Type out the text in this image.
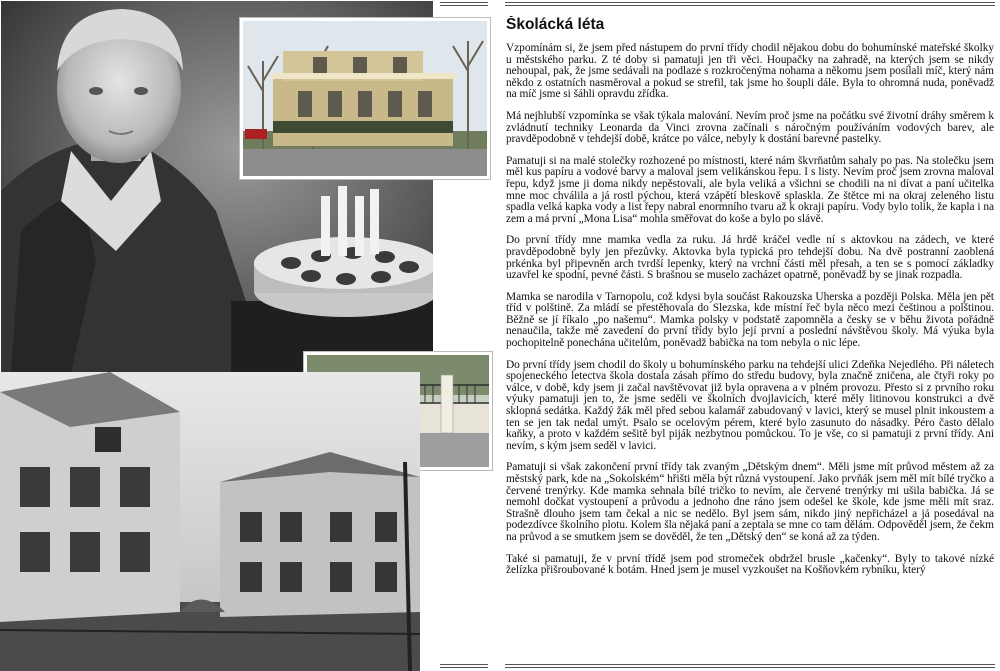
Školácká léta

Vzpomínám si, že jsem před nástupem do první třídy chodil nějakou dobu do bohumínské mateřské školky u městského parku. Z té doby si pamatuji jen tři věci. Houpačky na zahradě, na kterých jsem se nikdy nehoupal, pak, že jsme sedávali na podlaze s rozkročenýma nohama a někomu jsem posílali míč, který nám někdo z ostatních nasměroval a pokud se strefil, tak jsme ho šoupli dále. Byla to ohromná nuda, poněvadž na míč jsme si šáhli opravdu zřídka.

Má nejhlubší vzpomínka se však týkala malování. Nevím proč jsme na počátku své životní dráhy směrem k zvládnutí techniky Leonarda da Vinci zrovna začínali s náročným používáním vodových barev, ale pravděpodobně v tehdejší době, krátce po válce, nebyly k dostání barevné pastelky.

Pamatuji si na malé stolečky rozhozené po místnosti, které nám škvrňatům sahaly po pas. Na stolečku jsem měl kus papíru a vodové barvy a maloval jsem velikánskou řepu. I s listy. Nevím proč jsem zrovna maloval řepu, když jsme ji doma nikdy nepěstovali, ale byla veliká a všichni se chodili na ni dívat a paní učitelka mne moc chválila a já rostl pýchou, která vzápětí bleskově splaskla. Ze štětce mi na okraj zeleného listu spadla velká kapka vody a list řepy nabral enormního tvaru až k okraji papíru. Vody bylo tolik, že kapla i na zem a má první „Mona Lisa“ mohla směřovat do koše a bylo po slávě.

Do první třídy mne mamka vedla za ruku. Já hrdě kráčel vedle ní s aktovkou na zádech, ve které pravděpodobně byly jen přezůvky. Aktovka byla typická pro tehdejší dobu. Na dvě postranní zaoblená prkénka byl připevněn arch tvrdší lepenky, který na vrchní části měl přesah, a ten se s pomocí základky uzavřel ke spodní, pevné části. S brašnou se muselo zacházet opatrně, poněvadž by se jinak rozpadla.

Mamka se narodila v Tarnopolu, což kdysi byla součást Rakouzska Uherska a později Polska. Měla jen pět tříd v polštině. Za mládí se přestěhovala do Slezska, kde místní řeč byla něco mezi češtinou a polštinou. Běžně se jí říkalo „po našemu“. Mamka polsky v podstatě zapomněla a česky se v běhu života pořádně nenaučila, takže mě zavedení do první třídy bylo její první a poslední návštěvou školy. Má výuka byla pochopitelně ponechána učitelům, poněvadž babička na tom nebyla o nic lépe.

Do první třídy jsem chodil do školy u bohumínského parku na tehdejší ulici Zdeňka Nejedlého. Při náletech spojeneckého letectva škola dostala zásah přímo do středu budovy, byla značně zničena, ale čtyři roky po válce, v době, kdy jsem ji začal navštěvovat již byla opravena a v plném provozu. Přesto si z prvního roku výuky pamatuji jen to, že jsme seděli ve školních dvojlavicích, které měly litinovou konstrukci a dvě sklopná sedátka. Každý žák měl před sebou kalamář zabudovaný v lavici, který se musel plnit inkoustem a ten se jen tak nedal umýt. Psalo se ocelovým pérem, které bylo zasunuto do násadky. Péro často dělalo kaňky, a proto v každém sešitě byl piják nezbytnou pomůckou. To je vše, co si pamatuji z první třídy. Ani nevím, s kým jsem seděl v lavici.

Pamatuji si však zakončení první třídy tak zvaným „Dětským dnem“. Měli jsme mít průvod městem až za městský park, kde na „Sokolském“ hřišti měla být různá vystoupení. Jako prvňák jsem měl mít bílé tryčko a červené trenýrky. Kde mamka sehnala bílé tričko to nevím, ale červené trenýrky mi ušila babička. Já se nemohl dočkat vystoupení a průvodu a jednoho dne ráno jsem odešel ke škole, kde jsme měli mít sraz. Strašně dlouho jsem tam čekal a nic se nedělo. Byl jsem sám, nikdo jiný nepřicházel a já posedával na podezdívce školního plotu. Kolem šla nějaká paní a zeptala se mne co tam dělám. Odpověděl jsem, že čekm na průvod a se smutkem jsem se dověděl, že ten „Dětský den“ se koná až za týden.

Také si pamatuji, že v první třídě jsem pod stromeček obdržel brusle „kačenky“. Byly to takové nízké želízka přišroubované k botám. Hned jsem je musel vyzkoušet na Košňovkém rybníku, který
